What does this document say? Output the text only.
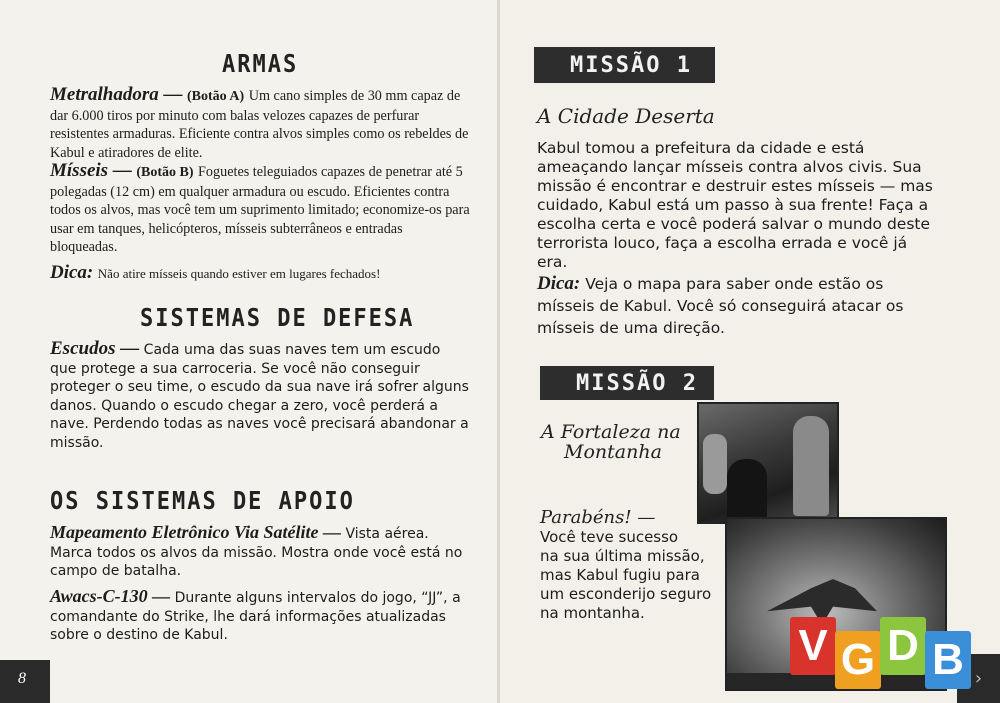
ARMAS

Metralhadora — (Botão A) Um cano simples de 30 mm capaz de dar 6.000 tiros por minuto com balas velozes capazes de perfurar resistentes armaduras. Eficiente contra alvos simples como os rebeldes de Kabul e atiradores de elite.

Mísseis — (Botão B) Foguetes teleguiados capazes de penetrar até 5 polegadas (12 cm) em qualquer armadura ou escudo. Eficientes contra todos os alvos, mas você tem um suprimento limitado; economize-os para usar em tanques, helicópteros, mísseis subterrâneos e entradas bloqueadas.

Dica: Não atire mísseis quando estiver em lugares fechados!

SISTEMAS DE DEFESA

Escudos — Cada uma das suas naves tem um escudo que protege a sua carroceria. Se você não conseguir proteger o seu time, o escudo da sua nave irá sofrer alguns danos. Quando o escudo chegar a zero, você perderá a nave. Perdendo todas as naves você precisará abandonar a missão.

OS SISTEMAS DE APOIO

Mapeamento Eletrônico Via Satélite — Vista aérea. Marca todos os alvos da missão. Mostra onde você está no campo de batalha.

Awacs-C-130 — Durante alguns intervalos do jogo, “JJ”, a comandante do Strike, lhe dará informações atualizadas sobre o destino de Kabul.

8
MISSÃO 1
A Cidade Deserta

Kabul tomou a prefeitura da cidade e está ameaçando lançar mísseis contra alvos civis. Sua missão é encontrar e destruir estes mísseis — mas cuidado, Kabul está um passo à sua frente! Faça a escolha certa e você poderá salvar o mundo deste terrorista louco, faça a escolha errada e você já era.

Dica: Veja o mapa para saber onde estão os mísseis de Kabul. Você só conseguirá atacar os mísseis de uma direção.

MISSÃO 2
A Fortaleza na
Montanha
Parabéns! —
Você teve sucesso
na sua última missão,
mas Kabul fugiu para
um esconderijo seguro
na montanha.
›
V G D B
